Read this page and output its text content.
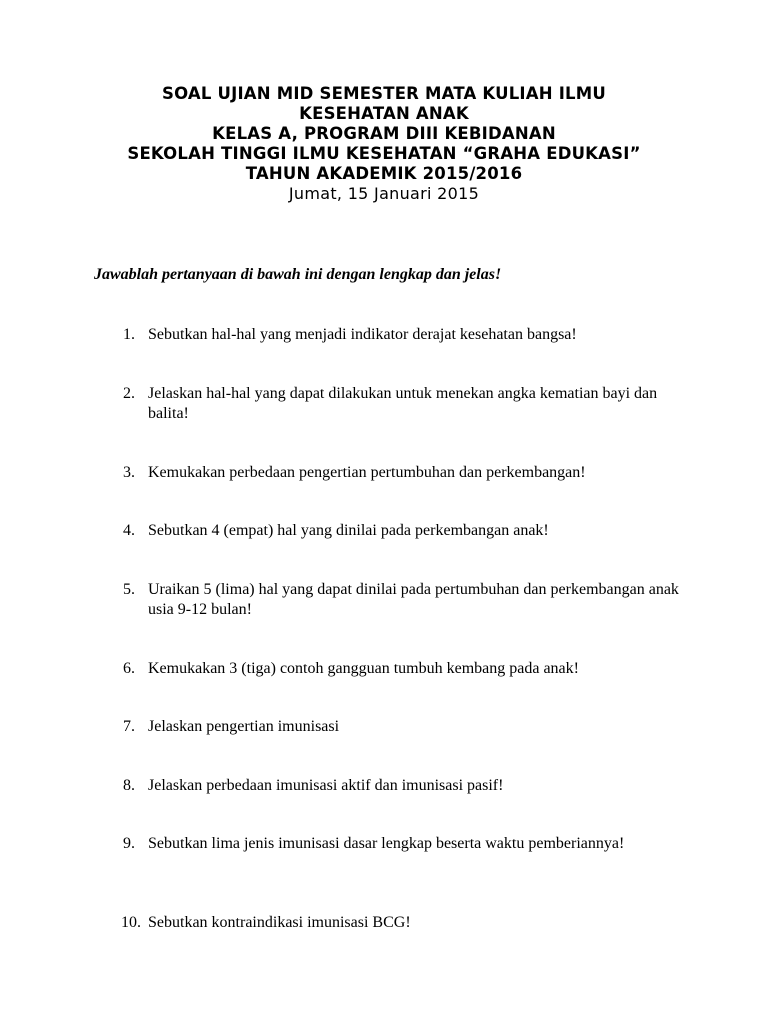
SOAL UJIAN MID SEMESTER MATA KULIAH ILMU

KESEHATAN ANAK

KELAS A, PROGRAM DIII KEBIDANAN

SEKOLAH TINGGI ILMU KESEHATAN “GRAHA EDUKASI”

TAHUN AKADEMIK 2015/2016

Jumat, 15 Januari 2015

Jawablah pertanyaan di bawah ini dengan lengkap dan jelas!

1. Sebutkan hal-hal yang menjadi indikator derajat kesehatan bangsa!
2. Jelaskan hal-hal yang dapat dilakukan untuk menekan angka kematian bayi dan balita!
3. Kemukakan perbedaan pengertian pertumbuhan dan perkembangan!
4. Sebutkan 4 (empat) hal yang dinilai pada perkembangan anak!
5. Uraikan 5 (lima) hal yang dapat dinilai pada pertumbuhan dan perkembangan anak usia 9-12 bulan!
6. Kemukakan 3 (tiga) contoh gangguan tumbuh kembang pada anak!
7. Jelaskan pengertian imunisasi
8. Jelaskan perbedaan imunisasi aktif dan imunisasi pasif!
9. Sebutkan lima jenis imunisasi dasar lengkap beserta waktu pemberiannya!
10. Sebutkan kontraindikasi imunisasi BCG!
